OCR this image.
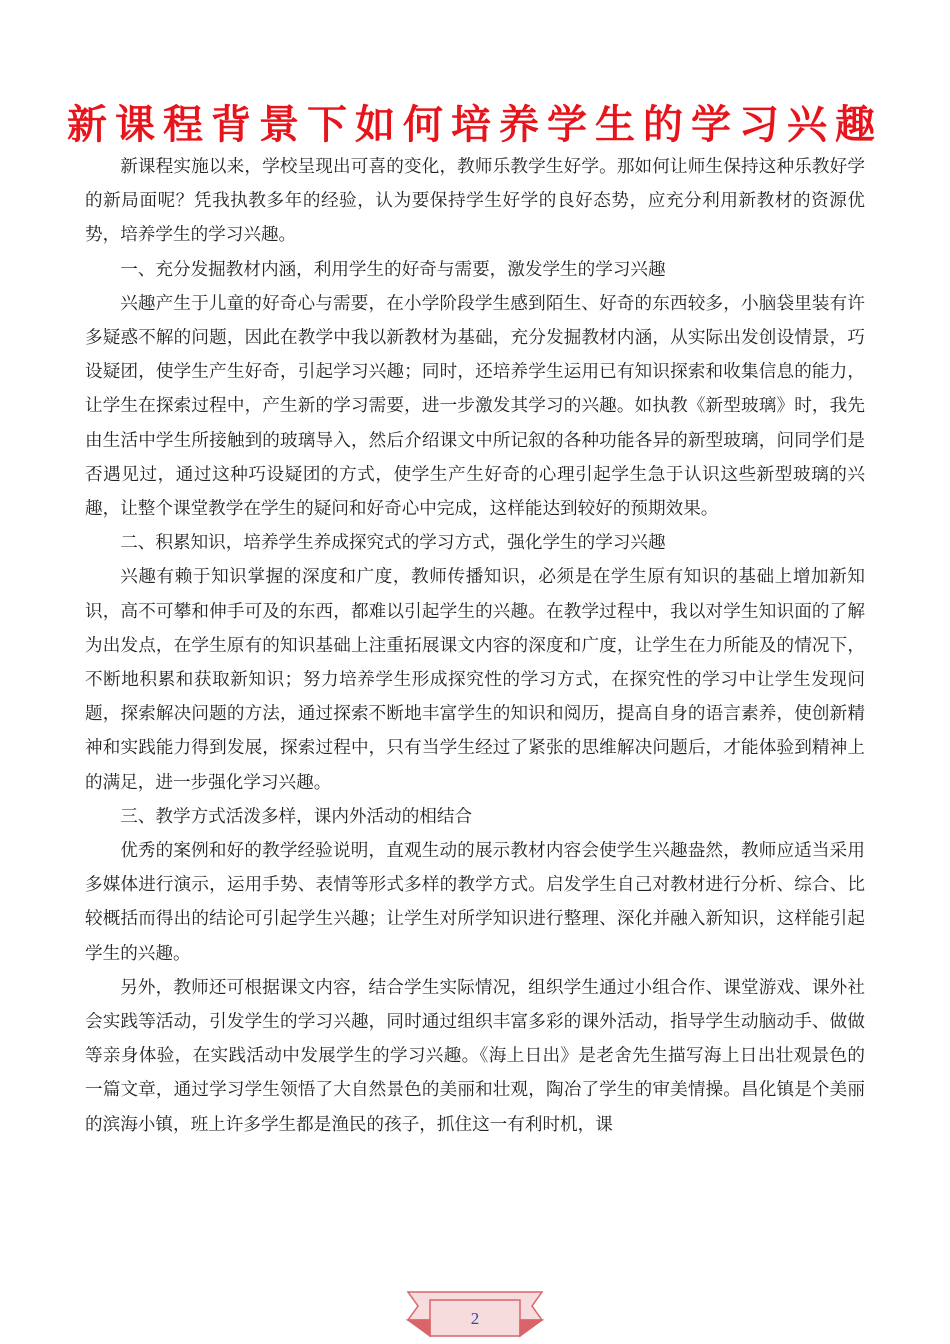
新课程背景下如何培养学生的学习兴趣

新课程实施以来，学校呈现出可喜的变化，教师乐教学生好学。那如何让师生保持这种乐教好学的新局面呢？凭我执教多年的经验，认为要保持学生好学的良好态势，应充分利用新教材的资源优势，培养学生的学习兴趣。

一、充分发掘教材内涵，利用学生的好奇与需要，激发学生的学习兴趣

兴趣产生于儿童的好奇心与需要，在小学阶段学生感到陌生、好奇的东西较多，小脑袋里装有许多疑惑不解的问题，因此在教学中我以新教材为基础，充分发掘教材内涵，从实际出发创设情景，巧设疑团，使学生产生好奇，引起学习兴趣；同时，还培养学生运用已有知识探索和收集信息的能力，让学生在探索过程中，产生新的学习需要，进一步激发其学习的兴趣。如执教《新型玻璃》时，我先由生活中学生所接触到的玻璃导入，然后介绍课文中所记叙的各种功能各异的新型玻璃，问同学们是否遇见过，通过这种巧设疑团的方式，使学生产生好奇的心理引起学生急于认识这些新型玻璃的兴趣，让整个课堂教学在学生的疑问和好奇心中完成，这样能达到较好的预期效果。

二、积累知识，培养学生养成探究式的学习方式，强化学生的学习兴趣

兴趣有赖于知识掌握的深度和广度，教师传播知识，必须是在学生原有知识的基础上增加新知识，高不可攀和伸手可及的东西，都难以引起学生的兴趣。在教学过程中，我以对学生知识面的了解为出发点，在学生原有的知识基础上注重拓展课文内容的深度和广度，让学生在力所能及的情况下，不断地积累和获取新知识；努力培养学生形成探究性的学习方式，在探究性的学习中让学生发现问题，探索解决问题的方法，通过探索不断地丰富学生的知识和阅历，提高自身的语言素养，使创新精神和实践能力得到发展，探索过程中，只有当学生经过了紧张的思维解决问题后，才能体验到精神上的满足，进一步强化学习兴趣。

三、教学方式活泼多样，课内外活动的相结合

优秀的案例和好的教学经验说明，直观生动的展示教材内容会使学生兴趣盎然，教师应适当采用多媒体进行演示，运用手势、表情等形式多样的教学方式。启发学生自己对教材进行分析、综合、比较概括而得出的结论可引起学生兴趣；让学生对所学知识进行整理、深化并融入新知识，这样能引起学生的兴趣。

另外，教师还可根据课文内容，结合学生实际情况，组织学生通过小组合作、课堂游戏、课外社会实践等活动，引发学生的学习兴趣，同时通过组织丰富多彩的课外活动，指导学生动脑动手、做做等亲身体验，在实践活动中发展学生的学习兴趣。《海上日出》是老舍先生描写海上日出壮观景色的一篇文章，通过学习学生领悟了大自然景色的美丽和壮观，陶冶了学生的审美情操。昌化镇是个美丽的滨海小镇，班上许多学生都是渔民的孩子，抓住这一有利时机，课

2
